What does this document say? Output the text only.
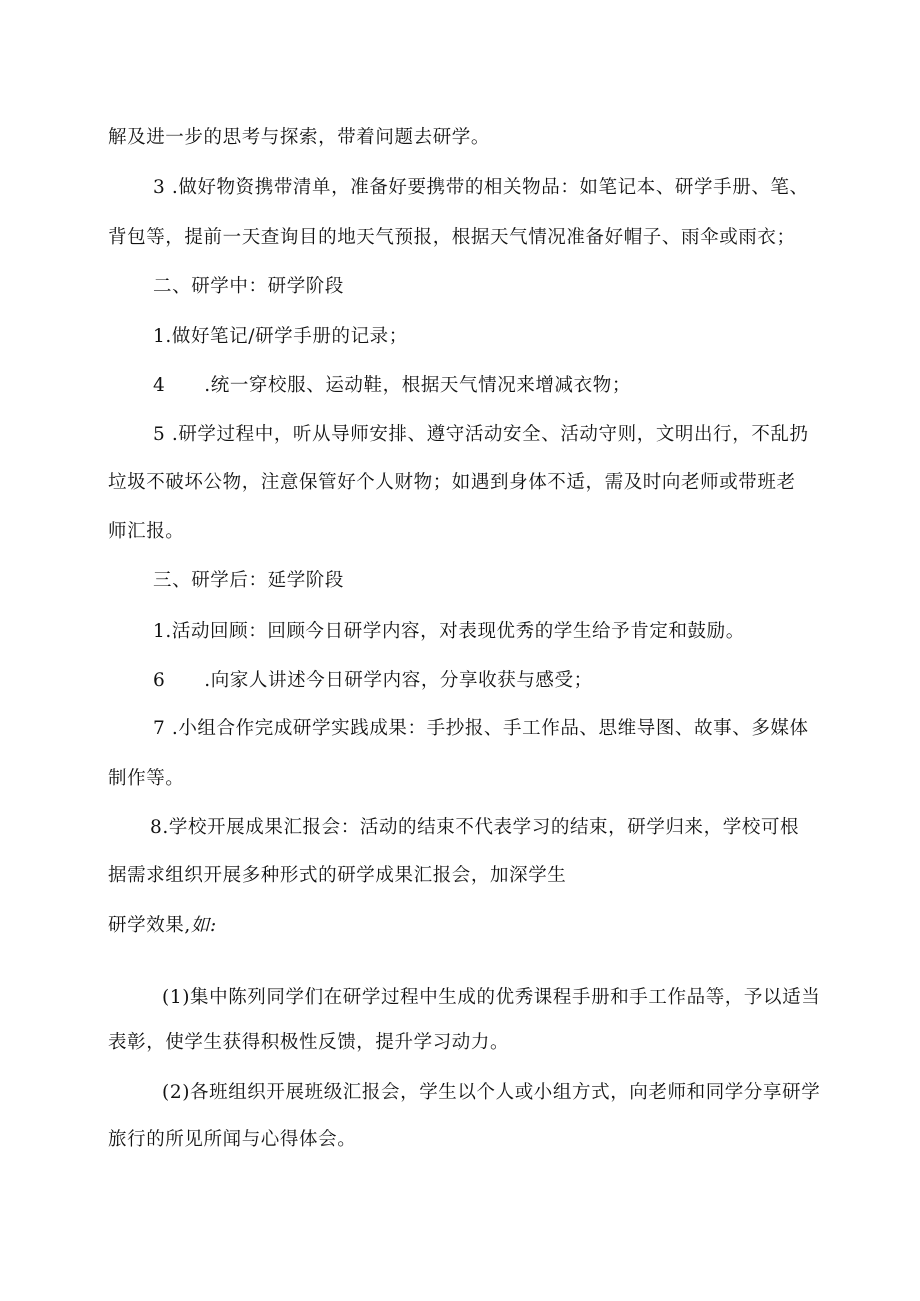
解及进一步的思考与探索，带着问题去研学。
3 .做好物资携带清单，准备好要携带的相关物品：如笔记本、研学手册、笔、
背包等，提前一天查询目的地天气预报，根据天气情况准备好帽子、雨伞或雨衣；
二、研学中：研学阶段
1.做好笔记/研学手册的记录；
4      .统一穿校服、运动鞋，根据天气情况来增减衣物；
5 .研学过程中，听从导师安排、遵守活动安全、活动守则，文明出行，不乱扔
垃圾不破坏公物，注意保管好个人财物；如遇到身体不适，需及时向老师或带班老
师汇报。
三、研学后：延学阶段
1.活动回顾：回顾今日研学内容，对表现优秀的学生给予肯定和鼓励。
6      .向家人讲述今日研学内容，分享收获与感受；
7 .小组合作完成研学实践成果：手抄报、手工作品、思维导图、故事、多媒体
制作等。
8.学校开展成果汇报会：活动的结束不代表学习的结束，研学归来，学校可根
据需求组织开展多种形式的研学成果汇报会，加深学生
研学效果,如:
(1)集中陈列同学们在研学过程中生成的优秀课程手册和手工作品等，予以适当
表彰，使学生获得积极性反馈，提升学习动力。
(2)各班组织开展班级汇报会，学生以个人或小组方式，向老师和同学分享研学
旅行的所见所闻与心得体会。
